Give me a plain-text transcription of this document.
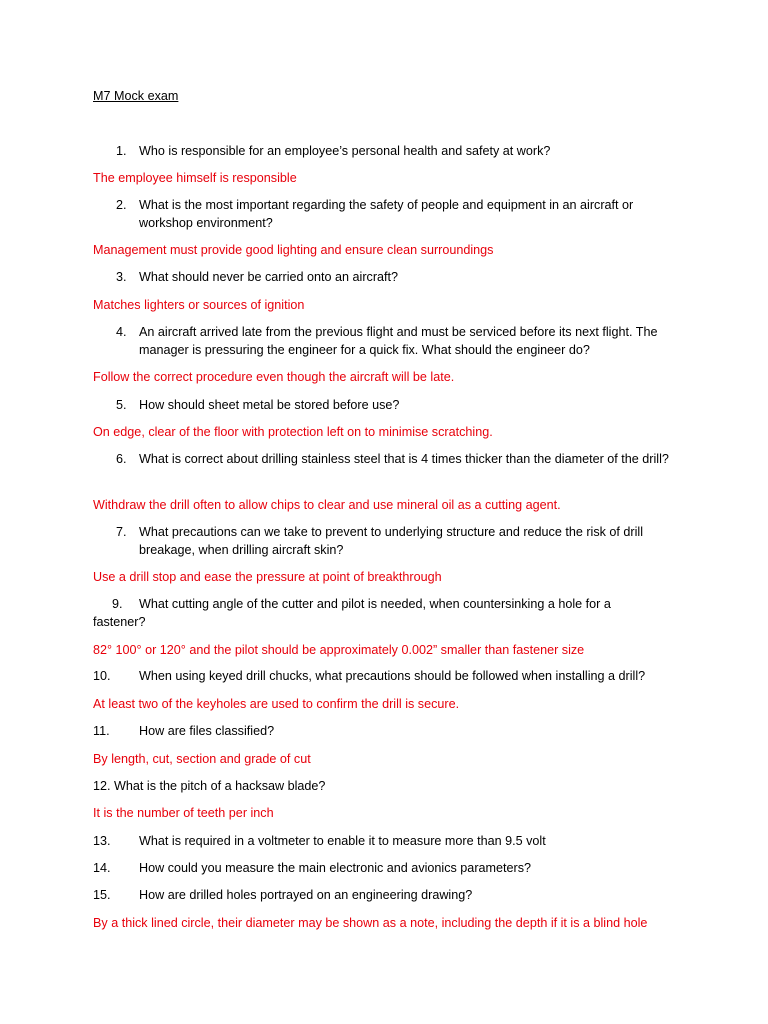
M7 Mock exam
1. Who is responsible for an employee’s personal health and safety at work?
The employee himself is responsible
2. What is the most important regarding the safety of people and equipment in an aircraft or workshop environment?
Management must provide good lighting and ensure clean surroundings
3. What should never be carried onto an aircraft?
Matches lighters or sources of ignition
4. An aircraft arrived late from the previous flight and must be serviced before its next flight. The manager is pressuring the engineer for a quick fix. What should the engineer do?
Follow the correct procedure even though the aircraft will be late.
5. How should sheet metal be stored before use?
On edge, clear of the floor with protection left on to minimise scratching.
6. What is correct about drilling stainless steel that is 4 times thicker than the diameter of the drill?
Withdraw the drill often to allow chips to clear and use mineral oil as a cutting agent.
7. What precautions can we take to prevent to underlying structure and reduce the risk of drill breakage, when drilling aircraft skin?
Use a drill stop and ease the pressure at point of breakthrough
9. What cutting angle of the cutter and pilot is needed, when countersinking a hole for a
fastener?
82° 100° or 120° and the pilot should be approximately 0.002” smaller than fastener size
10. When using keyed drill chucks, what precautions should be followed when installing a drill?
At least two of the keyholes are used to confirm the drill is secure.
11. How are files classified?
By length, cut, section and grade of cut
12. What is the pitch of a hacksaw blade?
It is the number of teeth per inch
13. What is required in a voltmeter to enable it to measure more than 9.5 volt
14. How could you measure the main electronic and avionics parameters?
15. How are drilled holes portrayed on an engineering drawing?
By a thick lined circle, their diameter may be shown as a note, including the depth if it is a blind hole
